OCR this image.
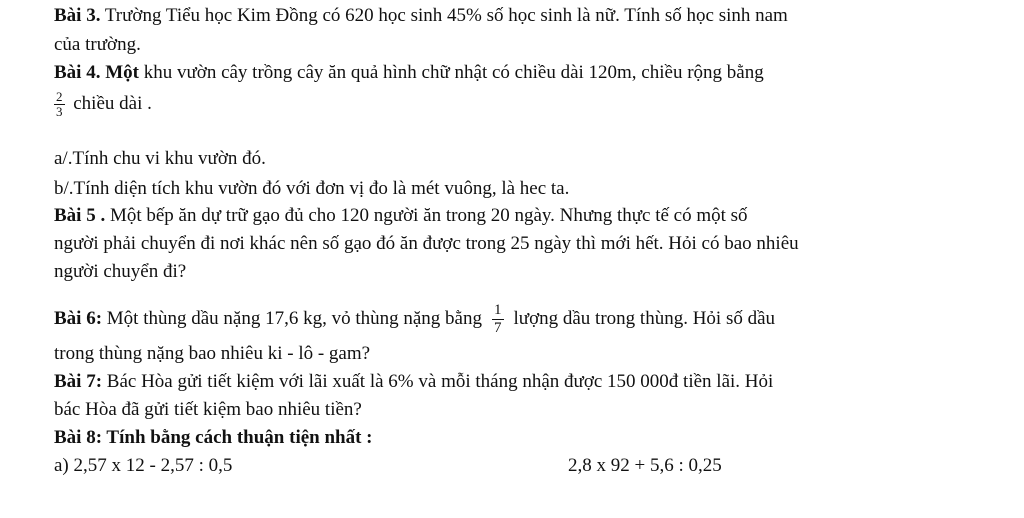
Bài 3. Trường Tiểu học Kim Đồng có 620 học sinh 45% số học sinh là nữ. Tính số học sinh nam
của trường.
Bài 4. Một khu vườn cây trồng cây ăn quả hình chữ nhật có chiều dài 120m, chiều rộng bằng
$\frac{2}{3}$ chiều dài .
a/.Tính chu vi khu vườn đó.
b/.Tính diện tích khu vườn đó với đơn vị đo là mét vuông, là hec ta.
Bài 5 . Một bếp ăn dự trữ gạo đủ cho 120 người ăn trong 20 ngày. Nhưng thực tế có một số
người phải chuyển đi nơi khác nên số gạo đó ăn được trong 25 ngày thì mới hết. Hỏi có bao nhiêu
người chuyển đi?
Bài 6: Một thùng dầu nặng 17,6 kg, vỏ thùng nặng bằng $\frac{1}{7}$ lượng dầu trong thùng. Hỏi số dầu
trong thùng nặng bao nhiêu ki - lô - gam?
Bài 7: Bác Hòa gửi tiết kiệm với lãi xuất là 6% và mỗi tháng nhận được 150 000đ tiền lãi. Hỏi
bác Hòa đã gửi tiết kiệm bao nhiêu tiền?
Bài 8: Tính bằng cách thuận tiện nhất :
a) 2,57 x 12 - 2,57 : 0,5	2,8 x 92 + 5,6 : 0,25
